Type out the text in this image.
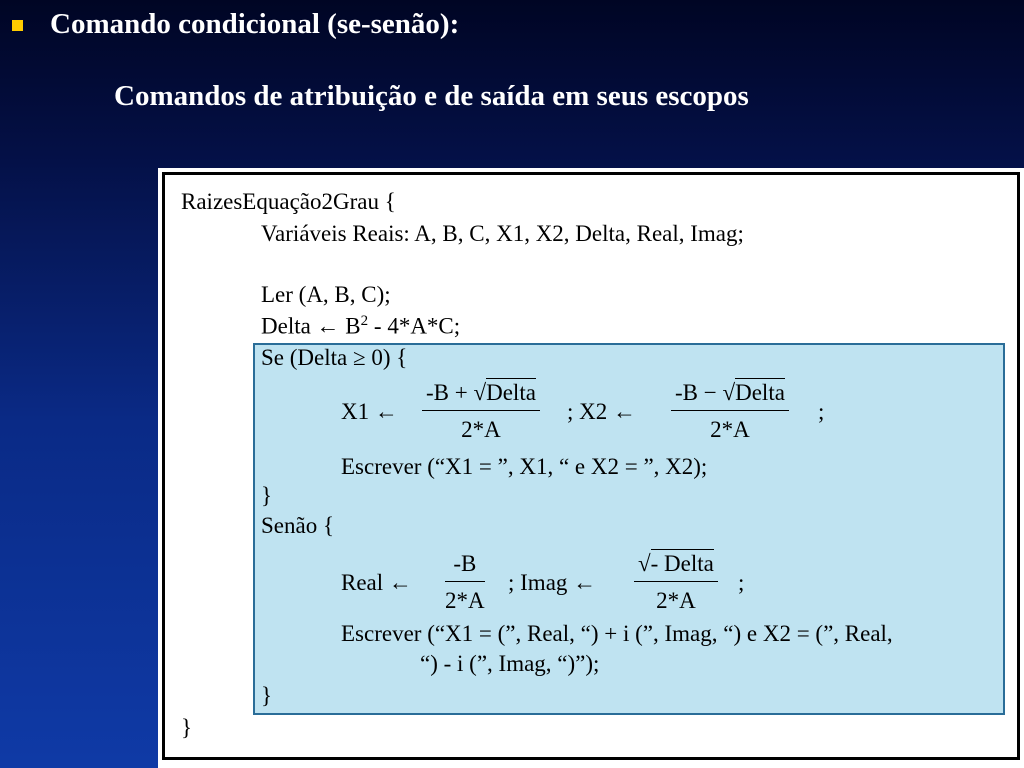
Comando condicional (se-senão):
Comandos de atribuição e de saída em seus escopos

RaizesEquação2Grau {

Variáveis Reais: A, B, C, X1, X2, Delta, Real, Imag;

Ler (A, B, C);

Delta ← $B^2 - 4*A*C$;

Se (Delta ≥ 0) {

X1 ←

-B + √Delta
2*A

; X2 ←

-B − √Delta
2*A

;

Escrever (“X1 = ”, X1, “ e X2 = ”, X2);

}

Senão {

Real ←

-B
2*A

; Imag ←

√- Delta
2*A

;

Escrever (“X1 = (”, Real, “) + i (”, Imag, “) e X2 = (”, Real,

“) - i (”, Imag, “)”);

}

}
